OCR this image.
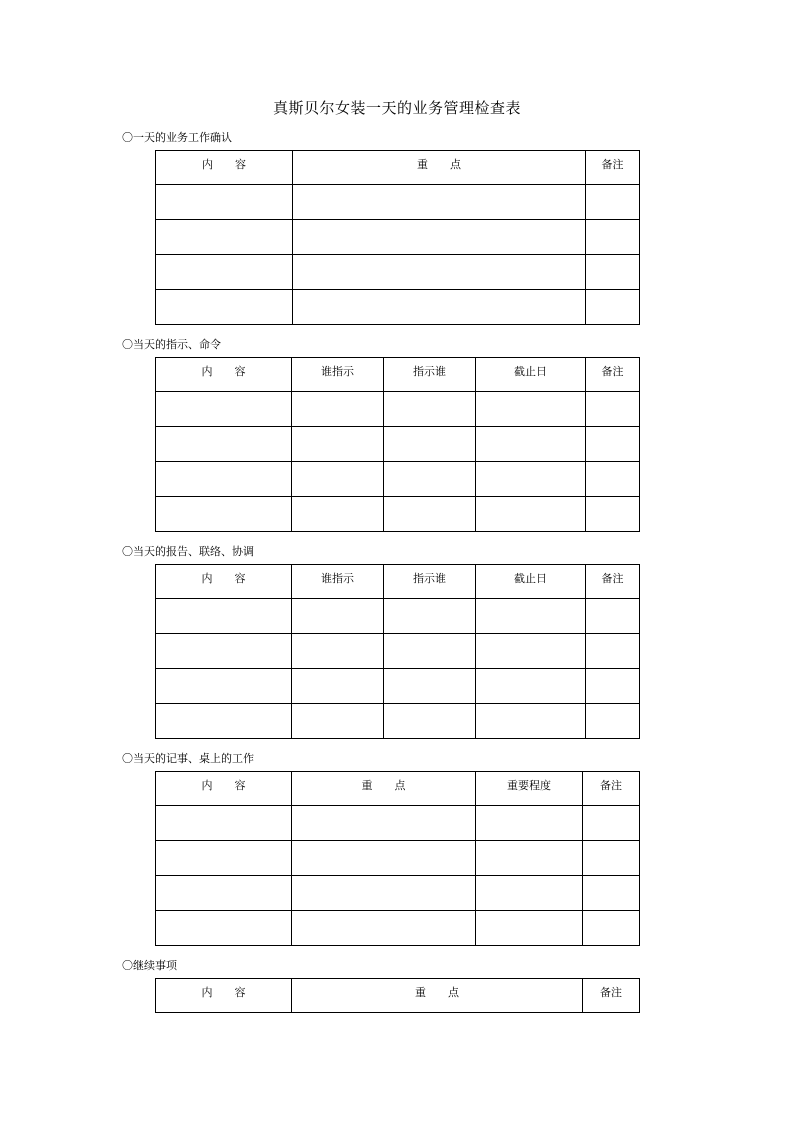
真斯贝尔女装一天的业务管理检查表
〇一天的业务工作确认
内　　容	重　　点	备注

〇当天的指示、命令
内　　容	谁指示	指示谁	截止日	备注

〇当天的报告、联络、协调
内　　容	谁指示	指示谁	截止日	备注

〇当天的记事、桌上的工作
内　　容	重　　点	重要程度	备注

〇继续事项
内　　容	重　　点	备注
